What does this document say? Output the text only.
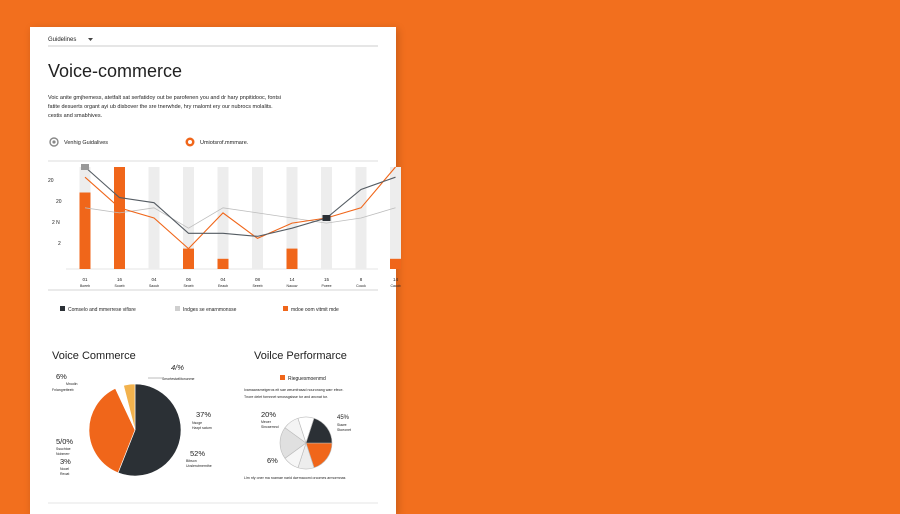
Guidelines
Voice-commerce
Voic anite gmjhemess, atetfalt sat serfatidoy out be parofenen you and dr hary pnpitidooc, fontsi
fatite desuerts organt ayi ub disbover the sre tnerwhde, hry rnalomt ery our nubrocs molalits.
cestis and smabhives.
Venhig Guidalives	Umiotsrof.mmmare.
20
20
2 N
2
01
Boeeb
16
Sooeb
04
Saoub
06
Seoeb
04
Eeaub
08
Seeeb
14
Nauuw
15
Poeee
8
Cocck
14
Cacob
Comselo and mmerrese vifisre	Indges se enarnmonsse	mdoe oom vitmit mde
Voice Commerce
6%
Mnodin
Fnlangretteeb
4/%
Smortestwilitonunme
37%
Nsoge
Haxpt saturn
5/0%
Ssuchtoe
Nobmerr
3%
Nooel
Reoat
52%
Bibson
Uoslerutmemthe
Voilce Performarce
Rieguesmoenmd
Ivamaansmeigeros eit sae weumfrasad nouronang warr efece.
Tnore delet fornnnet smossgsisse tor and ancnat tor.
20%
Meoer
Sincaemnd
45%
Siawe
Stoeonet
6%
Llm nfy oner ma roamae narid dwrmaoomi orcomes armormnas
